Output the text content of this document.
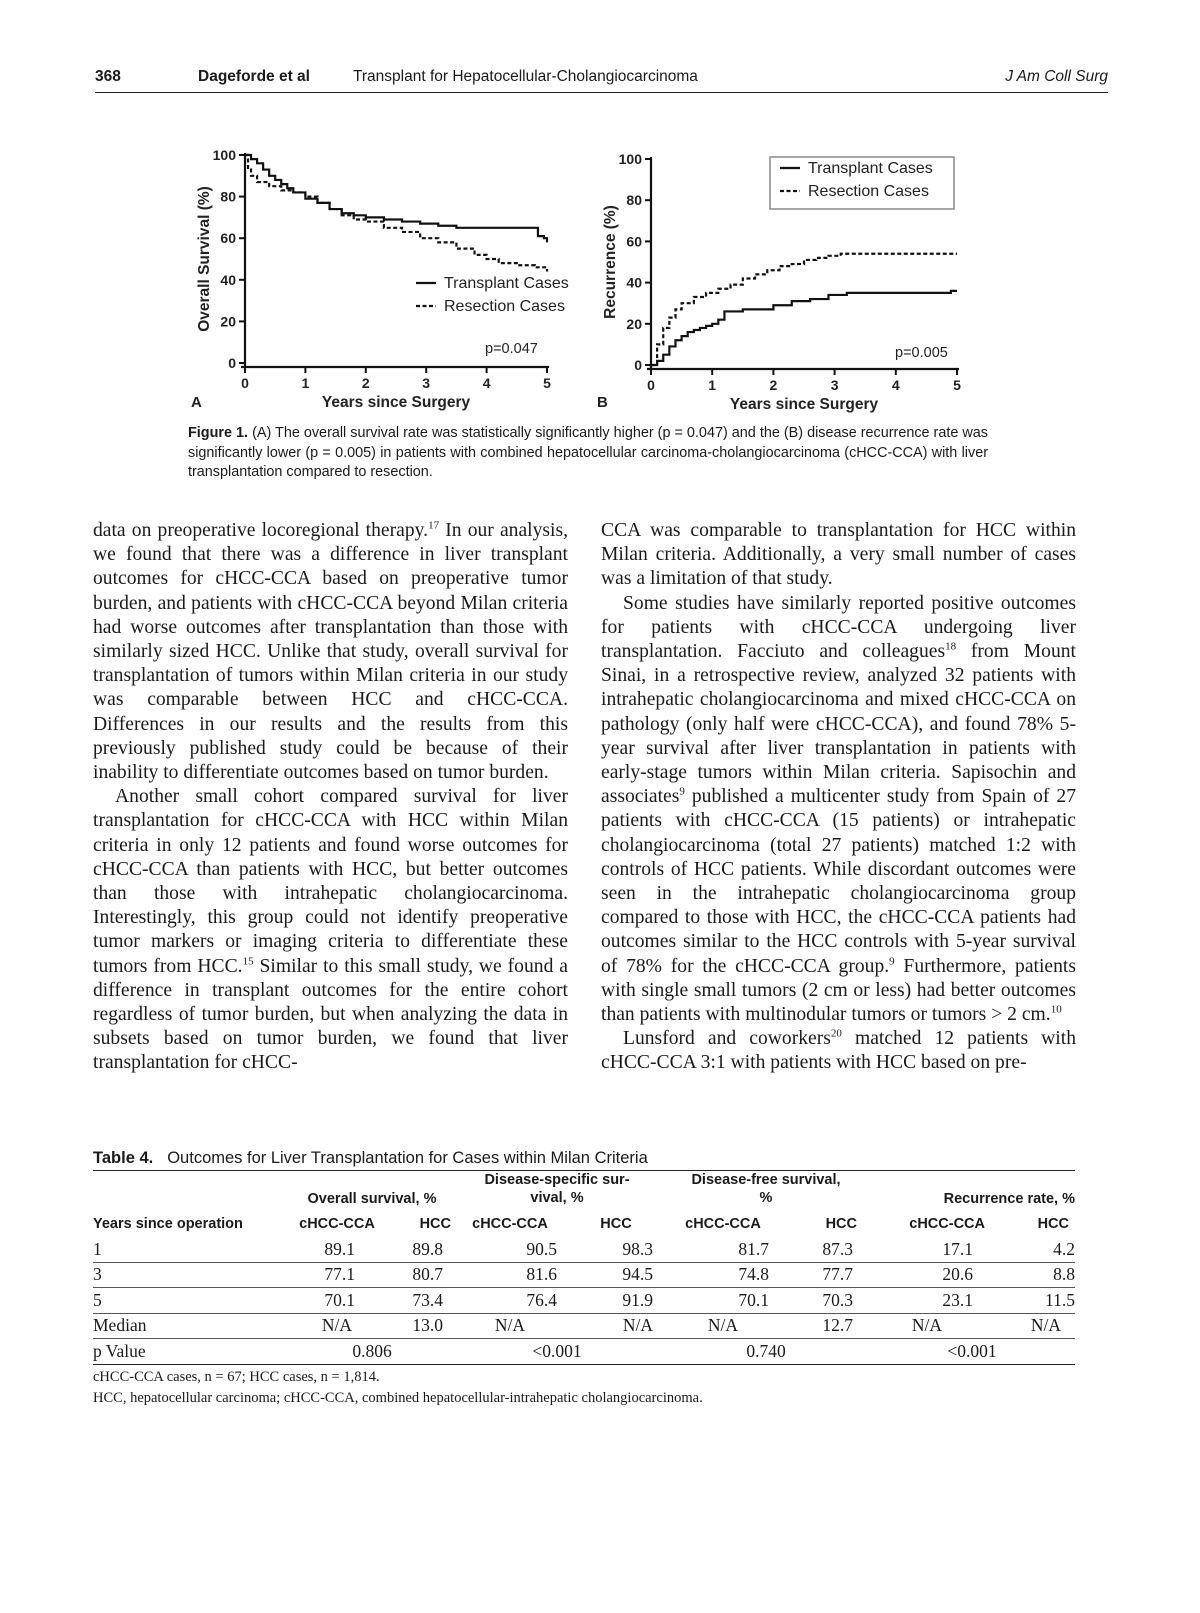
368	Dageforde et al	Transplant for Hepatocellular-Cholangiocarcinoma	J Am Coll Surg
0
20
40
60
80
100
0	1	2	3	4	5
Years since Surgery
Overall Survival (%)	Transplant Cases
Resection Cases
p=0.047
A
0
20
40
60
80
100
0	1	2	3	4	5
Years since Surgery
Recurrence (%)
Transplant Cases
Resection Cases
p=0.005
B
Figure 1. (A) The overall survival rate was statistically significantly higher (p = 0.047) and the (B) disease recurrence rate was significantly lower (p = 0.005) in patients with combined hepatocellular carcinoma-cholangiocarcinoma (cHCC-CCA) with liver transplantation compared to resection.

data on preoperative locoregional therapy.$^{17}$ In our analysis, we found that there was a difference in liver transplant outcomes for cHCC-CCA based on preoperative tumor burden, and patients with cHCC-CCA beyond Milan criteria had worse outcomes after transplantation than those with similarly sized HCC. Unlike that study, overall survival for transplantation of tumors within Milan criteria in our study was comparable between HCC and cHCC-CCA. Differences in our results and the results from this previously published study could be because of their inability to differentiate outcomes based on tumor burden.

Another small cohort compared survival for liver transplantation for cHCC-CCA with HCC within Milan criteria in only 12 patients and found worse outcomes for cHCC-CCA than patients with HCC, but better outcomes than those with intrahepatic cholangiocarcinoma. Interestingly, this group could not identify preoperative tumor markers or imaging criteria to differentiate these tumors from HCC.$^{15}$ Similar to this small study, we found a difference in transplant outcomes for the entire cohort regardless of tumor burden, but when analyzing the data in subsets based on tumor burden, we found that liver transplantation for cHCC-

CCA was comparable to transplantation for HCC within Milan criteria. Additionally, a very small number of cases was a limitation of that study.

Some studies have similarly reported positive outcomes for patients with cHCC-CCA undergoing liver transplantation. Facciuto and colleagues$^{18}$ from Mount Sinai, in a retrospective review, analyzed 32 patients with intrahepatic cholangiocarcinoma and mixed cHCC-CCA on pathology (only half were cHCC-CCA), and found 78% 5-year survival after liver transplantation in patients with early-stage tumors within Milan criteria. Sapisochin and associates$^9$ published a multicenter study from Spain of 27 patients with cHCC-CCA (15 patients) or intrahepatic cholangiocarcinoma (total 27 patients) matched 1:2 with controls of HCC patients. While discordant outcomes were seen in the intrahepatic cholangiocarcinoma group compared to those with HCC, the cHCC-CCA patients had outcomes similar to the HCC controls with 5-year survival of 78% for the cHCC-CCA group.$^9$ Furthermore, patients with single small tumors (2 cm or less) had better outcomes than patients with multinodular tumors or tumors > 2 cm.$^{10}$

Lunsford and coworkers$^{20}$ matched 12 patients with cHCC-CCA 3:1 with patients with HCC based on pre-

Table 4. Outcomes for Liver Transplantation for Cases within Milan Criteria
	Overall survival, %		Disease-specific sur-
vival, %		Disease-free survival,
%		Recurrence rate, %	
Years since operation	cHCC-CCA	HCC	cHCC-CCA	HCC	cHCC-CCA	HCC	cHCC-CCA	HCC
1	89.1	89.8	90.5	98.3	81.7	87.3	17.1	4.2
3	77.1	80.7	81.6	94.5	74.8	77.7	20.6	8.8
5	70.1	73.4	76.4	91.9	70.1	70.3	23.1	11.5
Median	N/A	13.0	N/A	N/A	N/A	12.7	N/A	N/A
p Value	0.806		<0.001		0.740		<0.001	
cHCC-CCA cases, n = 67; HCC cases, n = 1,814.
HCC, hepatocellular carcinoma; cHCC-CCA, combined hepatocellular-intrahepatic cholangiocarcinoma.
